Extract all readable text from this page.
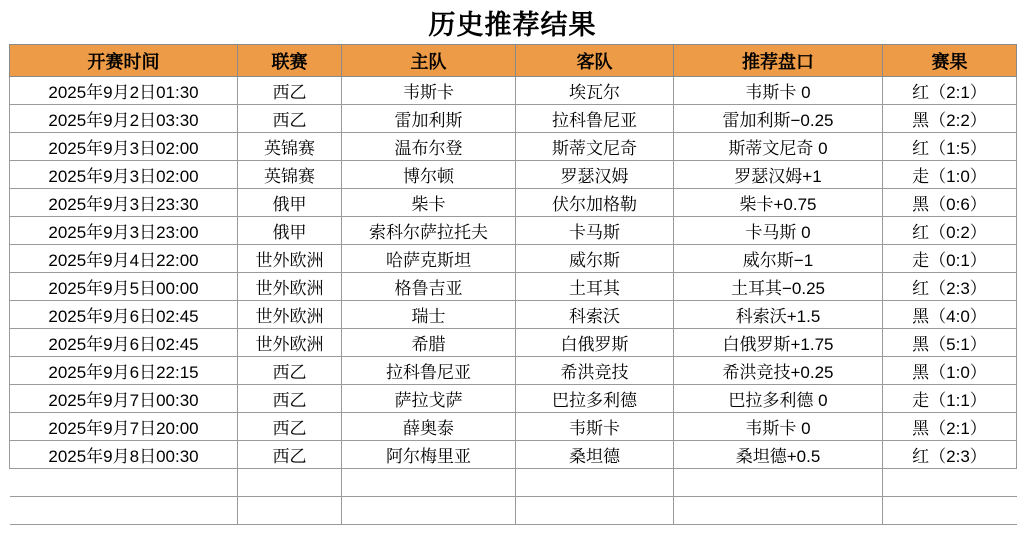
历史推荐结果
开赛时间	联赛	主队	客队	推荐盘口	赛果
2025年9月2日01:30	西乙	韦斯卡	埃瓦尔	韦斯卡 0	红（2:1）
2025年9月2日03:30	西乙	雷加利斯	拉科鲁尼亚	雷加利斯−0.25	黑（2:2）
2025年9月3日02:00	英锦赛	温布尔登	斯蒂文尼奇	斯蒂文尼奇 0	红（1:5）
2025年9月3日02:00	英锦赛	博尔顿	罗瑟汉姆	罗瑟汉姆+1	走（1:0）
2025年9月3日23:30	俄甲	柴卡	伏尔加格勒	柴卡+0.75	黑（0:6）
2025年9月3日23:00	俄甲	索科尔萨拉托夫	卡马斯	卡马斯 0	红（0:2）
2025年9月4日22:00	世外欧洲	哈萨克斯坦	威尔斯	威尔斯−1	走（0:1）
2025年9月5日00:00	世外欧洲	格鲁吉亚	土耳其	土耳其−0.25	红（2:3）
2025年9月6日02:45	世外欧洲	瑞士	科索沃	科索沃+1.5	黑（4:0）
2025年9月6日02:45	世外欧洲	希腊	白俄罗斯	白俄罗斯+1.75	黑（5:1）
2025年9月6日22:15	西乙	拉科鲁尼亚	希洪竞技	希洪竞技+0.25	黑（1:0）
2025年9月7日00:30	西乙	萨拉戈萨	巴拉多利德	巴拉多利德 0	走（1:1）
2025年9月7日20:00	西乙	薛奥泰	韦斯卡	韦斯卡 0	黑（2:1）
2025年9月8日00:30	西乙	阿尔梅里亚	桑坦德	桑坦德+0.5	红（2:3）
